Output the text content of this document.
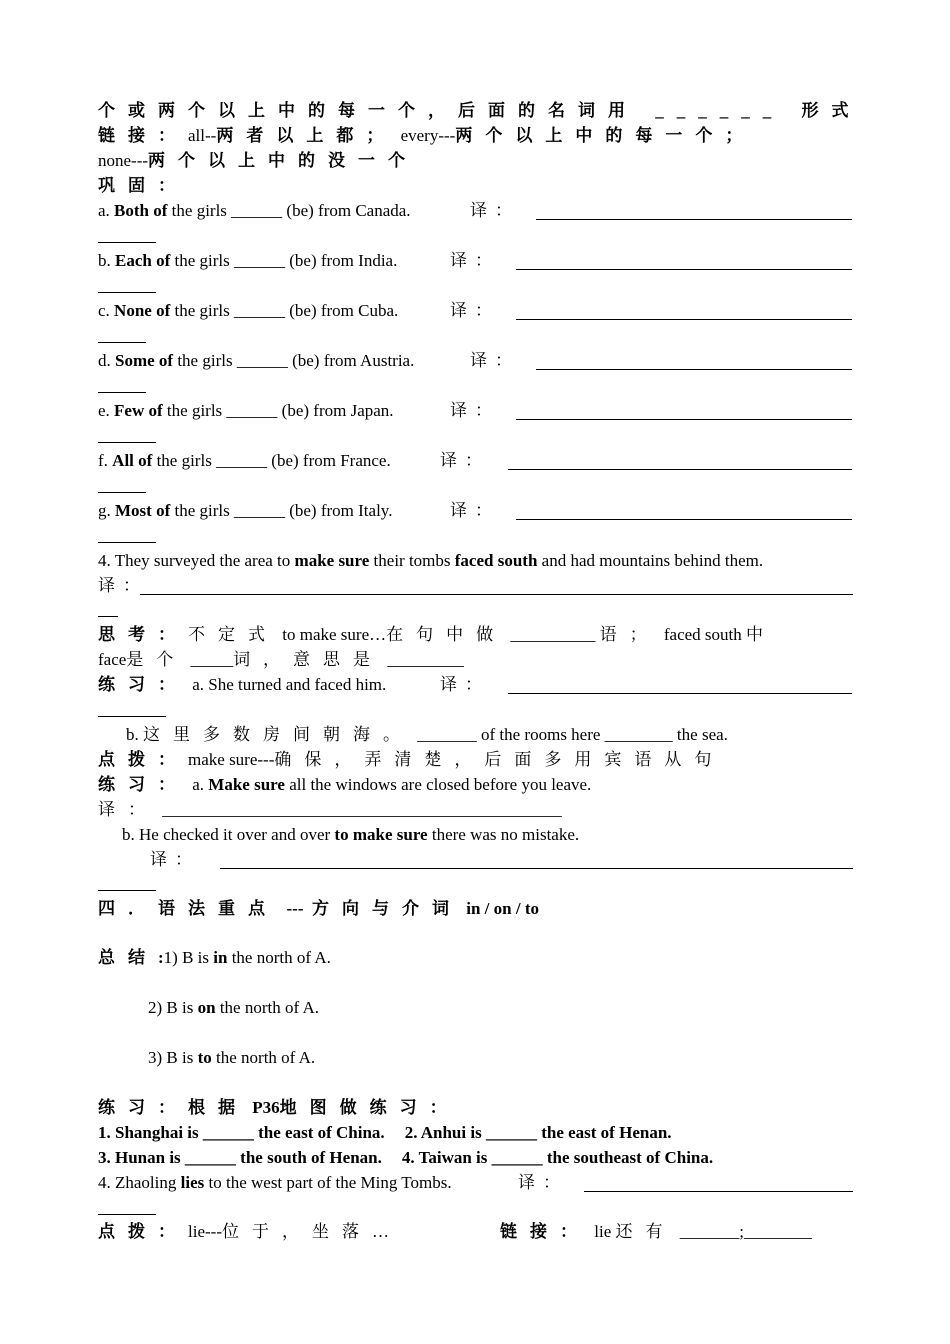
个或两个以上中的每一个，后面的名词用 ______ 形式
链接：all--两者以上都； every---两个以上中的每一个；
none---两个以上中的没一个
巩固：
a. Both of the girls ______ (be) from Canada.	译：
b. Each of the girls ______ (be) from India.	译：
c. None of the girls ______ (be) from Cuba.	译：
d. Some of the girls ______ (be) from Austria.	译：
e. Few of the girls ______ (be) from Japan.	译：
f. All of the girls ______ (be) from France.	译：
g. Most of the girls ______ (be) from Italy.	译：
4. They surveyed the area to make sure their tombs faced south and had mountains behind them.
译：
思考：不定式 to make sure…在句中做 __________ 语； faced south 中
face是个 _____词，意思是 _________
练习： a. She turned and faced him.	译：
b. 这里多数房间朝海。 _______ of the rooms here ________ the sea.
点拨：make sure---确保，弄清楚，后面多用宾语从句
练习： a. Make sure all the windows are closed before you leave.
译： _______________________________________________
b. He checked it over and over to make sure there was no mistake.
译：
四．语法重点  ---  方向与介词 in / on / to
总结:1) B is in the north of A.
2) B is on the north of A.
3) B is to the north of A.
练习：根据 P36地图做练习：
1. Shanghai is ______ the east of China. 2. Anhui is ______ the east of Henan.
3. Hunan is ______ the south of Henan. 4. Taiwan is ______ the southeast of China.
4. Zhaoling lies to the west part of the Ming Tombs.	译：
点拨：lie---位于，坐落…	链接： lie 还有 _______;________
